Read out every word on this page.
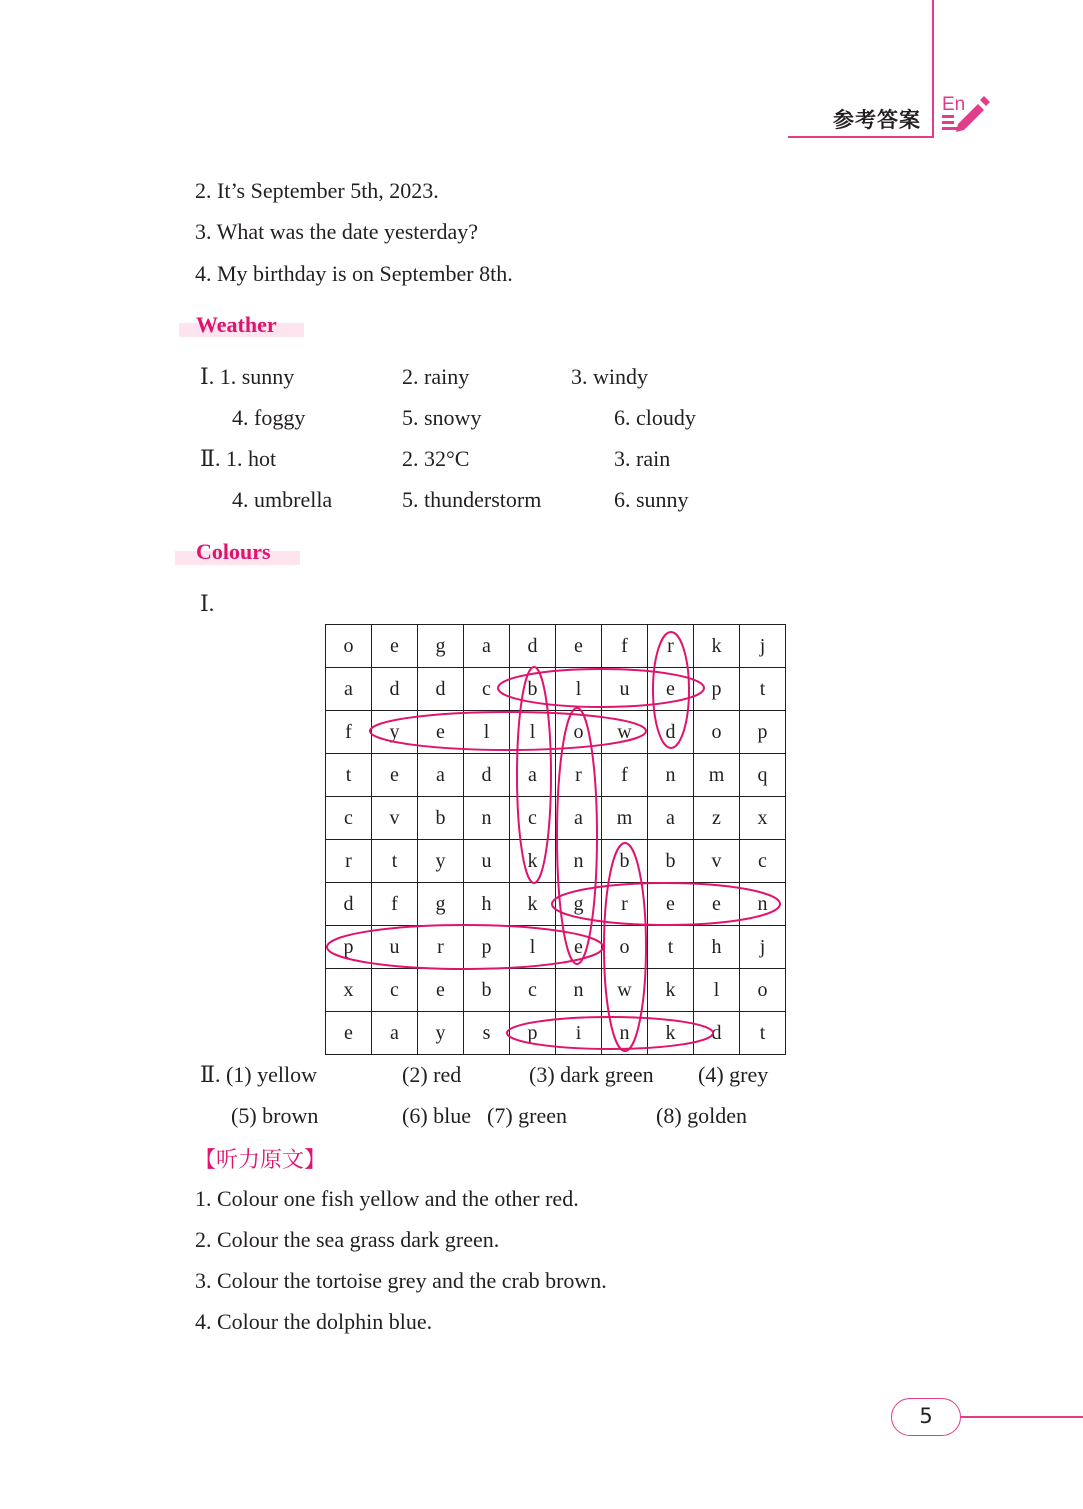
参考答案
En
2. It’s September 5th, 2023.
3. What was the date yesterday?
4. My birthday is on September 8th.
Weather
Ⅰ. 1. sunny	2. rainy	3. windy
4. foggy	5. snowy	6. cloudy
Ⅱ. 1. hot	2. 32°C	3. rain
4. umbrella	5. thunderstorm	6. sunny
Colours
Ⅰ.
o	e	g	a	d	e	f	r	k	j
a	d	d	c	b	l	u	e	p	t
f	y	e	l	l	o	w	d	o	p
t	e	a	d	a	r	f	n	m	q
c	v	b	n	c	a	m	a	z	x
r	t	y	u	k	n	b	b	v	c
d	f	g	h	k	g	r	e	e	n
p	u	r	p	l	e	o	t	h	j
x	c	e	b	c	n	w	k	l	o
e	a	y	s	p	i	n	k	d	t
Ⅱ. (1) yellow	(2) red	(3) dark green (4) grey
(5) brown	(6) blue (7) green	(8) golden
【听力原文】
1. Colour one fish yellow and the other red.
2. Colour the sea grass dark green.
3. Colour the tortoise grey and the crab brown.
4. Colour the dolphin blue.
5
